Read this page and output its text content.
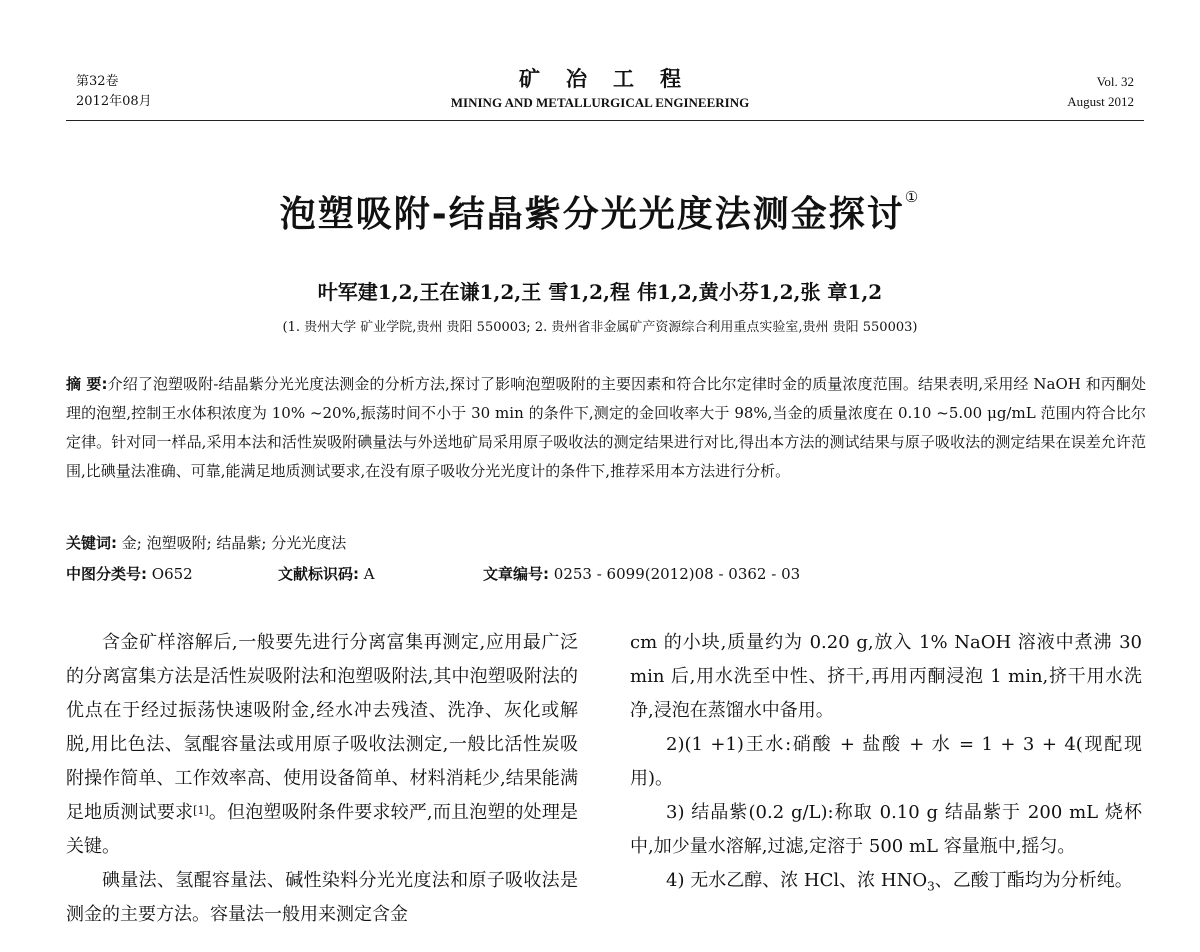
第32卷
2012年08月
矿冶工程
MINING AND METALLURGICAL ENGINEERING
Vol. 32
August 2012
泡塑吸附-结晶紫分光光度法测金探讨①
叶军建1,2,王在谦1,2,王 雪1,2,程 伟1,2,黄小芬1,2,张 章1,2
(1. 贵州大学 矿业学院,贵州 贵阳 550003; 2. 贵州省非金属矿产资源综合利用重点实验室,贵州 贵阳 550003)
摘 要:介绍了泡塑吸附-结晶紫分光光度法测金的分析方法,探讨了影响泡塑吸附的主要因素和符合比尔定律时金的质量浓度范围。结果表明,采用经 NaOH 和丙酮处理的泡塑,控制王水体积浓度为 10% ~20%,振荡时间不小于 30 min 的条件下,测定的金回收率大于 98%,当金的质量浓度在 0.10 ~5.00 μg/mL 范围内符合比尔定律。针对同一样品,采用本法和活性炭吸附碘量法与外送地矿局采用原子吸收法的测定结果进行对比,得出本方法的测试结果与原子吸收法的测定结果在误差允许范围,比碘量法准确、可靠,能满足地质测试要求,在没有原子吸收分光光度计的条件下,推荐采用本方法进行分析。
关键词: 金; 泡塑吸附; 结晶紫; 分光光度法
中图分类号: O652	文献标识码: A	文章编号: 0253 - 6099(2012)08 - 0362 - 03

含金矿样溶解后,一般要先进行分离富集再测定,应用最广泛的分离富集方法是活性炭吸附法和泡塑吸附法,其中泡塑吸附法的优点在于经过振荡快速吸附金,经水冲去残渣、洗净、灰化或解脱,用比色法、氢醌容量法或用原子吸收法测定,一般比活性炭吸附操作简单、工作效率高、使用设备简单、材料消耗少,结果能满足地质测试要求[1]。但泡塑吸附条件要求较严,而且泡塑的处理是关键。

碘量法、氢醌容量法、碱性染料分光光度法和原子吸收法是测金的主要方法。容量法一般用来测定含金

cm 的小块,质量约为 0.20 g,放入 1% NaOH 溶液中煮沸 30 min 后,用水洗至中性、挤干,再用丙酮浸泡 1 min,挤干用水洗净,浸泡在蒸馏水中备用。

2)(1 +1)王水:硝酸 + 盐酸 + 水 = 1 + 3 + 4(现配现用)。

3) 结晶紫(0.2 g/L):称取 0.10 g 结晶紫于 200 mL 烧杯中,加少量水溶解,过滤,定溶于 500 mL 容量瓶中,摇匀。

4) 无水乙醇、浓 HCl、浓 $HNO_3$、乙酸丁酯均为分析纯。
